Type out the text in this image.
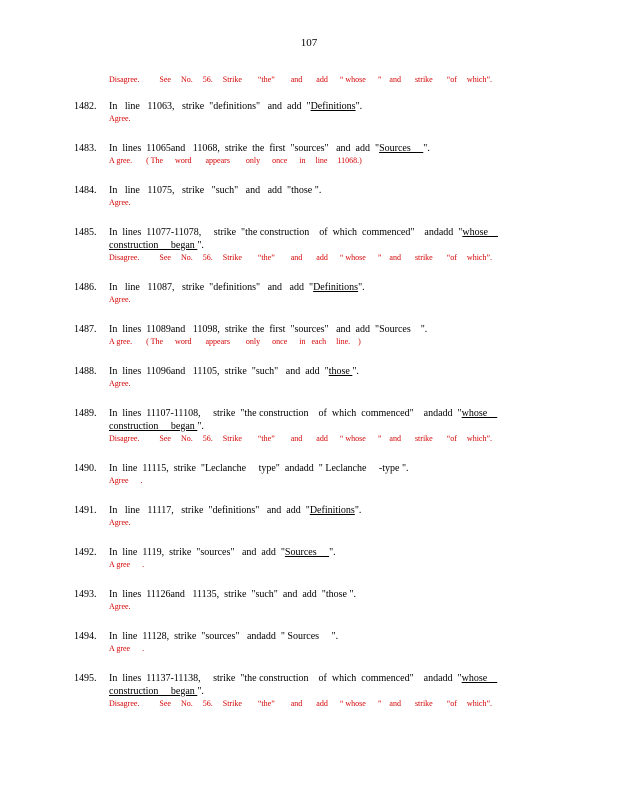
107
Disagree.          See     No.     56.     Strike        “the”        and       add      “ whose      ”    and       strike       “of     which”.
1482.	In   line   11063,   strike  "definitions"   and  add  "Definitions".
Agree.
1483.	In  lines  11065and   11068,  strike  the  first  "sources"   and  add  "Sources     ".
A gree.       ( The      word       appears        only      once      in     line     11068.)
1484.	In   line   11075,   strike   "such"   and   add  "those ".
Agree.
1485.	In  lines  11077-11078,     strike  "the construction    of  which  commenced"    andadd  "whose
construction     began ".
Disagree.          See     No.     56.     Strike        “the”        and       add      “ whose      ”    and       strike       “of     which”.
1486.	In   line   11087,   strike  "definitions"   and   add  "Definitions".
Agree.
1487.	In  lines  11089and   11098,  strike  the  first  "sources"   and  add  "Sources    ".
A gree.       ( The      word       appears        only      once      in   each     line.    )
1488.	In  lines  11096and   11105,  strike  "such"   and  add  "those ".
Agree.
1489.	In  lines  11107-11108,     strike  "the construction    of  which  commenced"    andadd  "whose
construction     began ".
Disagree.          See     No.     56.     Strike        “the”        and       add      “ whose      ”    and       strike       “of     which”.
1490.	In  line  11115,  strike  "Leclanche     type"  andadd  " Leclanche     -type ".
Agree      .
1491.	In   line   11117,   strike  "definitions"   and  add  "Definitions".
Agree.
1492.	In  line  1119,  strike  "sources"   and  add  "Sources     ".
A gree      .
1493.	In  lines  11126and   11135,  strike  "such"  and  add  "those ".
Agree.
1494.	In  line  11128,  strike  "sources"   andadd  " Sources     ".
A gree      .
1495.	In  lines  11137-11138,     strike  "the construction    of  which  commenced"    andadd  "whose
construction     began ".
Disagree.          See     No.     56.     Strike        “the”        and       add      “ whose      ”    and       strike       “of     which”.
